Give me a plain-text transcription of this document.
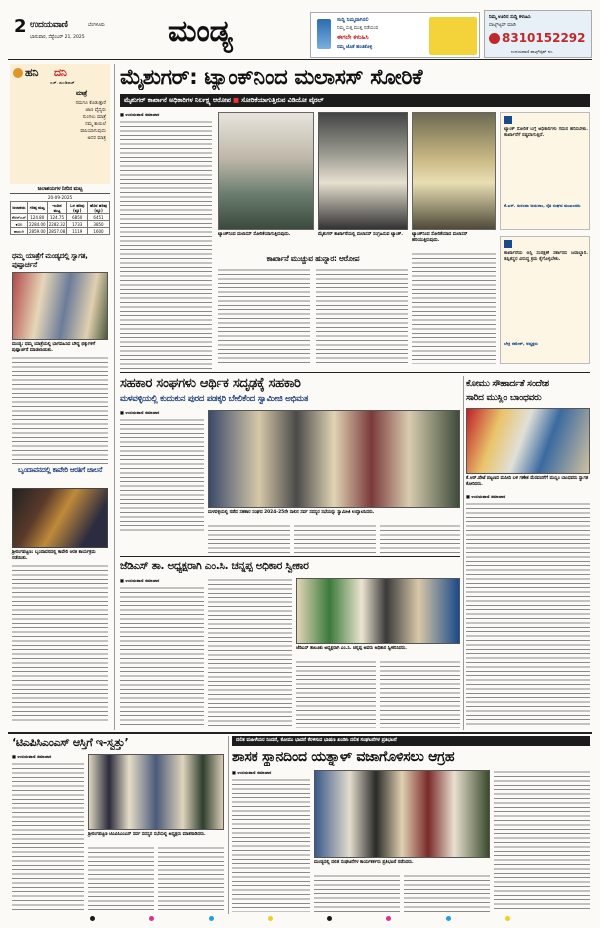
2 ಉದಯವಾಣಿ	ಬೆಂಗಳೂರು
ಭಾನುವಾರ, ಸೆಪ್ಟೆಂಬರ್ 21, 2025	ಮಂಡ್ಯ	ಸುದ್ದಿ ನಿಮ್ಮದಾಗಿರಲಿ
ನಿಮ್ಮ ಸುತ್ತ ಮುತ್ತ ನಡೆಯುವ
ಈಗಲೇ ಕಳುಹಿಸಿ
ನಮ್ಮ ಜೊತೆ ಹಂಚಿಕೊಳ್ಳಿ
ನಿಮ್ಮ ಊರಿನ ಸುದ್ದಿ ಕಳುಹಿಸಿ
ವಾಟ್ಸ್‌ಆ್ಯಪ್ ಮಾಡಿ
8310152292
ಉದಯವಾಣಿ ವಾಟ್ಸ್‌ಆ್ಯಪ್ ನಂ.
ಹನಿ ದನಿ
ಎಚ್. ಡುಂಡಿರಾಜ್
ಮಾತ್ರೆ
ನಮಗೂ ಕೊಡುತ್ತಾರೆ
ಜಾಣ ವೈದ್ಯರು
ನುಂಗಲು ಮಾತ್ರೆ
ನಮ್ಮ ಕಾಯಿಲೆ
ವಾಸಿಯಾಗುವುದು
ಅದರ ಮಾತ್ರ
ಜಲಾಶಯಗಳ ನೀರಿನ ಮಟ್ಟ
20-09-2025
ಜಲಾಶಯ	ಗರಿಷ್ಠ ಮಟ್ಟ	ಇಂದಿನ ಮಟ್ಟ	ಒಳ ಹರಿವು (ಕ್ಯೂ)	ಹೊರ ಹರಿವು (ಕ್ಯೂ)
ಕೆಆರ್‌ಎಸ್	124.80	124.75	6850	6451
ಕಬಿನಿ	2284.00	2282.32	1733	3850
ಹಾರಂಗಿ	2859.00	2857.08	1119	1600
ಧಮ್ಮ ಯಾತ್ರೆಗೆ ಮಂಡ್ಯದಲ್ಲಿ ಸ್ವಾಗತ, ಪುಷ್ಪಾರ್ಚನೆ
ಮಂಡ್ಯ: ಧಮ್ಮ ಯಾತ್ರೆಯಲ್ಲಿ ಭಾಗವಹಿಸಿದ ಬೌದ್ಧ ಭಿಕ್ಕುಗಳಿಗೆ ಪುಷ್ಪಾರ್ಚನೆ ಮಾಡಲಾಯಿತು.
ಬೃಂದಾವನದಲ್ಲಿ ಕಾವೇರಿ ಆರತಿಗೆ ಚಾಲನೆ
ಶ್ರೀರಂಗಪಟ್ಟಣ: ಬೃಂದಾವನದಲ್ಲಿ ಕಾವೇರಿ ಆರತಿ ಕಾರ್ಯಕ್ರಮ ನಡೆಯಿತು.
ಮೈಶುಗರ್: ಟ್ಯಾಂಕ್‌ನಿಂದ ಮಲಾಸಸ್ ಸೋರಿಕೆ
ಮೈಶುಗರ್ ಕಾರ್ಖಾನೆ ಅಧಿಕಾರಿಗಳ ನಿರ್ಲಕ್ಷ್ಯ ಆರೋಪ ■ ಸೋರಿಕೆಯಾಗುತ್ತಿರುವ ವಿಡಿಯೋ ವೈರಲ್
■ ಉದಯವಾಣಿ ಸಮಾಚಾರ
ಟ್ಯಾಂಕ್‌ನಿಂದ ಮಲಾಸಸ್ ಸೋರಿಕೆಯಾಗುತ್ತಿರುವುದು.	ಮೈಶುಗರ್ ಕಾರ್ಖಾನೆಯಲ್ಲಿ ಮಲಾಸಸ್ ಸಂಗ್ರಹಿಸುವ ಟ್ಯಾಂಕ್.	ಟ್ಯಾಂಕ್‌ನಿಂದ ಸೋರಿಕೆಯಾದ ಮಲಾಸಸ್ ಹರಿಯುತ್ತಿರುವುದು.
ಟ್ಯಾಂಕ್ ಸೋರಿಕೆ ಬಗ್ಗೆ ಅಧಿಕಾರಿಗಳು ಗಮನ ಹರಿಸಬೇಕು. ಕಾರ್ಖಾನೆಗೆ ನಷ್ಟವಾಗುತ್ತಿದೆ.
ಕೆ.ಎಸ್. ಸುನಂದಾ ಜಯರಾಂ, ರೈತ ಸಂಘದ ಮುಖಂಡರು
ಕಾರ್ಖಾನೆ ಮುಚ್ಚುವ ಹುನ್ನಾರ: ಆರೋಪ
ಕಾರ್ಖಾನೆಯ ಆಸ್ತಿ ಸಂರಕ್ಷಣೆ ಸರ್ಕಾರದ ಜವಾಬ್ದಾರಿ. ತಪ್ಪಿತಸ್ಥರ ವಿರುದ್ಧ ಕ್ರಮ ಕೈಗೊಳ್ಳಬೇಕು.
ಬೇಕ್ರಿ ರಮೇಶ್, ಅಧ್ಯಕ್ಷರು
ಸಹಕಾರ ಸಂಘಗಳು ಆರ್ಥಿಕ ಸದೃಢಕ್ಕೆ ಸಹಕಾರಿ
ಮಳವಳ್ಳಿಯಲ್ಲಿ ಕುದುಕುನ ಪುರದ ಪಡಕ್ಕರಿ ಬೇಲಿಕೆಂದ ಸ್ವಾಮೀಜಿ ಅಭಿಮತ
■ ಉದಯವಾಣಿ ಸಮಾಚಾರ
ಮಳವಳ್ಳಿಯಲ್ಲಿ ನಡೆದ ಸಹಕಾರ ಸಂಘದ 2024-25ನೇ ಸಾಲಿನ ಸರ್ವ ಸದಸ್ಯರ ಸಭೆಯನ್ನು ಸ್ವಾಮೀಜಿ ಉದ್ಘಾಟಿಸಿದರು.
ಕೋಮು ಸೌಹಾರ್ದತೆ ಸಂದೇಶ
ಸಾರಿದ ಮುಸ್ಲಿಂ ಬಾಂಧವರು
ಕೆ.ಆರ್.ಪೇಟೆ ಪಟ್ಟಣದ ಮಸೀದಿ ಬಳಿ ಗಣೇಶ ಮೆರವಣಿಗೆಗೆ ಮುಸ್ಲಿಂ ಬಾಂಧವರು ಸ್ವಾಗತ ಕೋರಿದರು.
■ ಉದಯವಾಣಿ ಸಮಾಚಾರ
ಜೆಡಿಎಸ್ ತಾ. ಅಧ್ಯಕ್ಷರಾಗಿ ಎಂ.ಸಿ. ಚನ್ನಪ್ಪ ಅಧಿಕಾರ ಸ್ವೀಕಾರ
■ ಉದಯವಾಣಿ ಸಮಾಚಾರ
ಜೆಡಿಎಸ್ ತಾಲೂಕು ಅಧ್ಯಕ್ಷರಾಗಿ ಎಂ.ಸಿ. ಚನ್ನಪ್ಪ ಅವರು ಅಧಿಕಾರ ಸ್ವೀಕರಿಸಿದರು.
‘ಟಿಎಪಿಸಿಎಂಎಸ್ ಆಸ್ತಿಗೆ ಇ-ಸ್ವತ್ತು’
■ ಉದಯವಾಣಿ ಸಮಾಚಾರ
ಶ್ರೀರಂಗಪಟ್ಟಣ ಟಿಎಪಿಸಿಎಂಎಸ್ ಸರ್ವ ಸದಸ್ಯರ ಸಭೆಯಲ್ಲಿ ಅಧ್ಯಕ್ಷರು ಮಾತನಾಡಿದರು.
ದಲಿತ ಮಹಿಳೆಯರ ನಿಂದನೆ, ಕೋಮು ಭಾವನೆ ಕೆರಳಿಸುವ ಭಾಷಣ ಖಂಡಿಸಿ ದಲಿತ ಸಂಘಟನೆಗಳ ಪ್ರತಿಭಟನೆ
ಶಾಸಕ ಸ್ಥಾನದಿಂದ ಯತ್ನಾಳ್ ವಜಾಗೊಳಿಸಲು ಆಗ್ರಹ
■ ಉದಯವಾಣಿ ಸಮಾಚಾರ
ಮಂಡ್ಯದಲ್ಲಿ ದಲಿತ ಸಂಘಟನೆಗಳ ಕಾರ್ಯಕರ್ತರು ಪ್ರತಿಭಟನೆ ನಡೆಸಿದರು.
